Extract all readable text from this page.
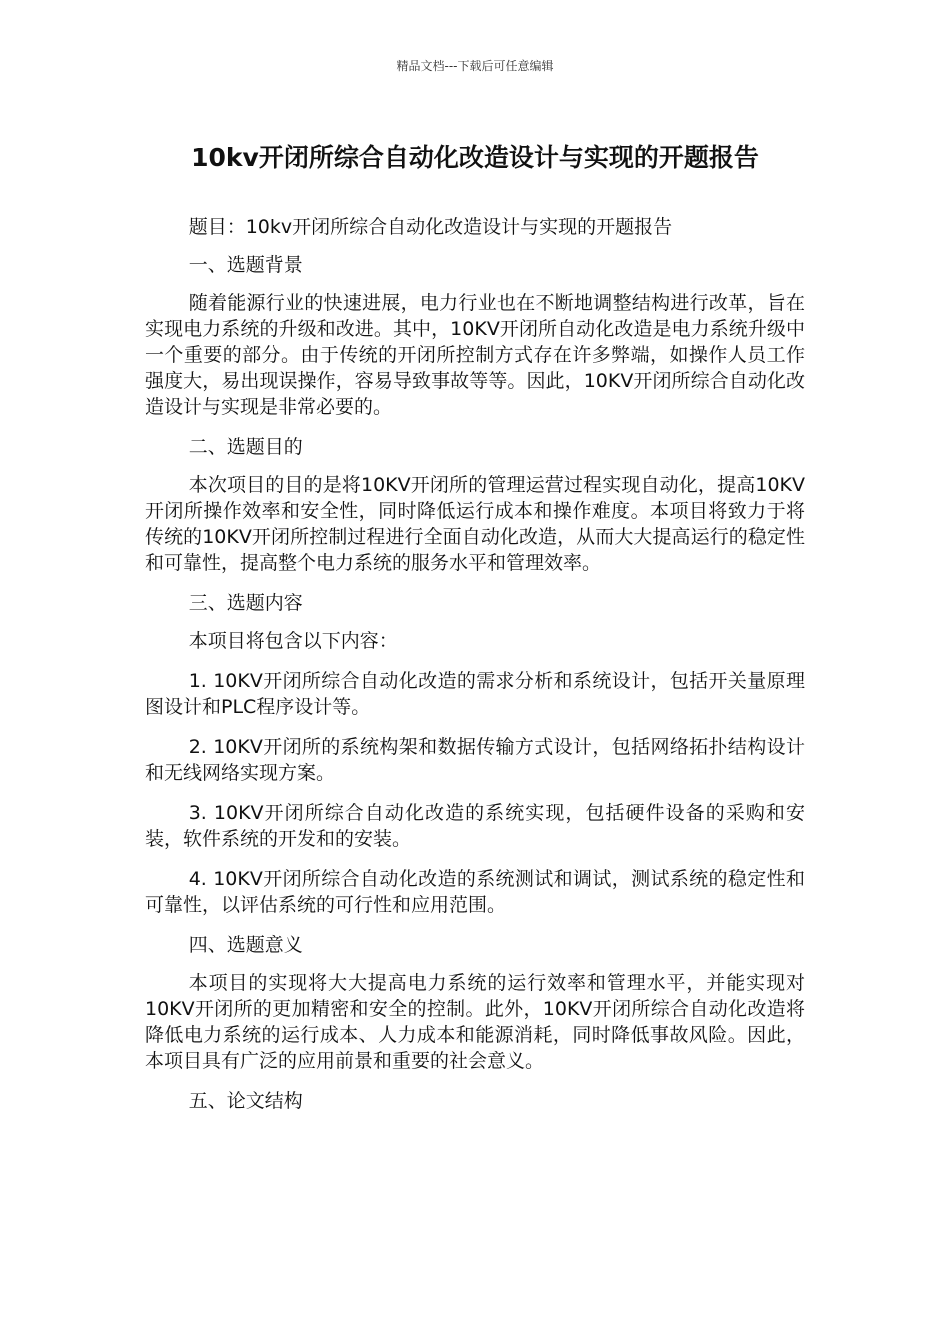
精品文档---下载后可任意编辑
10kv开闭所综合自动化改造设计与实现的开题报告

题目：10kv开闭所综合自动化改造设计与实现的开题报告

一、选题背景

随着能源行业的快速进展，电力行业也在不断地调整结构进行改革，旨在实现电力系统的升级和改进。其中，10KV开闭所自动化改造是电力系统升级中一个重要的部分。由于传统的开闭所控制方式存在许多弊端，如操作人员工作强度大，易出现误操作，容易导致事故等等。因此，10KV开闭所综合自动化改造设计与实现是非常必要的。

二、选题目的

本次项目的目的是将10KV开闭所的管理运营过程实现自动化，提高10KV开闭所操作效率和安全性，同时降低运行成本和操作难度。本项目将致力于将传统的10KV开闭所控制过程进行全面自动化改造，从而大大提高运行的稳定性和可靠性，提高整个电力系统的服务水平和管理效率。

三、选题内容

本项目将包含以下内容：

1. 10KV开闭所综合自动化改造的需求分析和系统设计，包括开关量原理图设计和PLC程序设计等。

2. 10KV开闭所的系统构架和数据传输方式设计，包括网络拓扑结构设计和无线网络实现方案。

3. 10KV开闭所综合自动化改造的系统实现，包括硬件设备的采购和安装，软件系统的开发和的安装。

4. 10KV开闭所综合自动化改造的系统测试和调试，测试系统的稳定性和可靠性，以评估系统的可行性和应用范围。

四、选题意义

本项目的实现将大大提高电力系统的运行效率和管理水平，并能实现对10KV开闭所的更加精密和安全的控制。此外，10KV开闭所综合自动化改造将降低电力系统的运行成本、人力成本和能源消耗，同时降低事故风险。因此，本项目具有广泛的应用前景和重要的社会意义。

五、论文结构
